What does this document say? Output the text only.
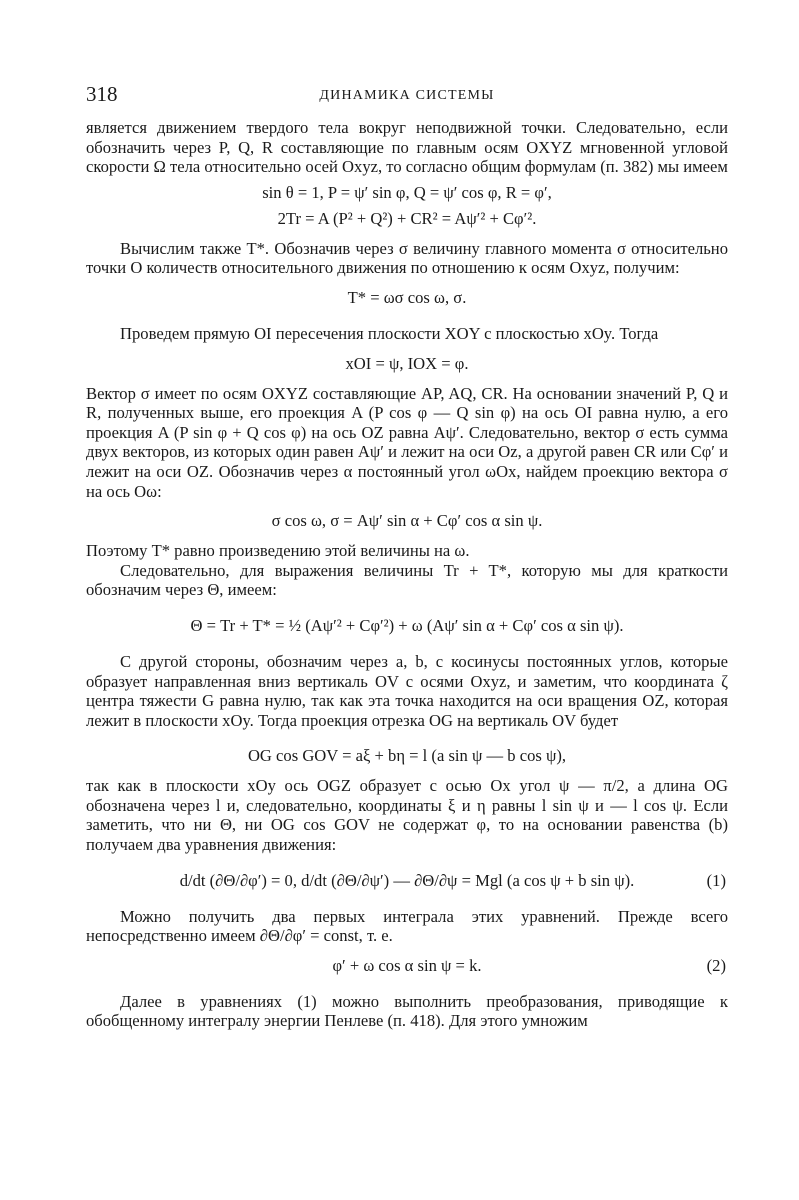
318	ДИНАМИКА СИСТЕМЫ

является движением твердого тела вокруг неподвижной точки. Следовательно, если обозначить через P, Q, R составляющие по главным осям OXYZ мгновенной угловой скорости Ω тела относительно осей Oxyz, то согласно общим формулам (п. 382) мы имеем

sin θ = 1, P = ψ′ sin φ, Q = ψ′ cos φ, R = φ′,

2Tr = A (P² + Q²) + CR² = Aψ′² + Cφ′².

Вычислим также T*. Обозначив через σ величину главного момента σ относительно точки O количеств относительного движения по отношению к осям Oxyz, получим:

T* = ωσ cos ω, σ.

Проведем прямую OI пересечения плоскости XOY с плоскостью xOy. Тогда

xOI = ψ, IOX = φ.

Вектор σ имеет по осям OXYZ составляющие AP, AQ, CR. На основании значений P, Q и R, полученных выше, его проекция A (P cos φ — Q sin φ) на ось OI равна нулю, а его проекция A (P sin φ + Q cos φ) на ось OZ равна Aψ′. Следовательно, вектор σ есть сумма двух векторов, из которых один равен Aψ′ и лежит на оси Oz, а другой равен CR или Cφ′ и лежит на оси OZ. Обозначив через α постоянный угол ωOx, найдем проекцию вектора σ на ось Oω:

σ cos ω, σ = Aψ′ sin α + Cφ′ cos α sin ψ.

Поэтому T* равно произведению этой величины на ω.

Следовательно, для выражения величины Tr + T*, которую мы для краткости обозначим через Θ, имеем:

Θ = Tr + T* = ½ (Aψ′² + Cφ′²) + ω (Aψ′ sin α + Cφ′ cos α sin ψ).

С другой стороны, обозначим через a, b, c косинусы постоянных углов, которые образует направленная вниз вертикаль OV с осями Oxyz, и заметим, что координата ζ центра тяжести G равна нулю, так как эта точка находится на оси вращения OZ, которая лежит в плоскости xOy. Тогда проекция отрезка OG на вертикаль OV будет

OG cos GOV = aξ + bη = l (a sin ψ — b cos ψ),

так как в плоскости xOy ось OGZ образует с осью Ox угол ψ — π/2, а длина OG обозначена через l и, следовательно, координаты ξ и η равны l sin ψ и — l cos ψ. Если заметить, что ни Θ, ни OG cos GOV не содержат φ, то на основании равенства (b) получаем два уравнения движения:

d/dt (∂Θ/∂φ′) = 0, d/dt (∂Θ/∂ψ′) — ∂Θ/∂ψ = Mgl (a cos ψ + b sin ψ).	(1)

Можно получить два первых интеграла этих уравнений. Прежде всего непосредственно имеем ∂Θ/∂φ′ = const, т. е.

φ′ + ω cos α sin ψ = k.	(2)

Далее в уравнениях (1) можно выполнить преобразования, приводящие к обобщенному интегралу энергии Пенлеве (п. 418). Для этого умножим
